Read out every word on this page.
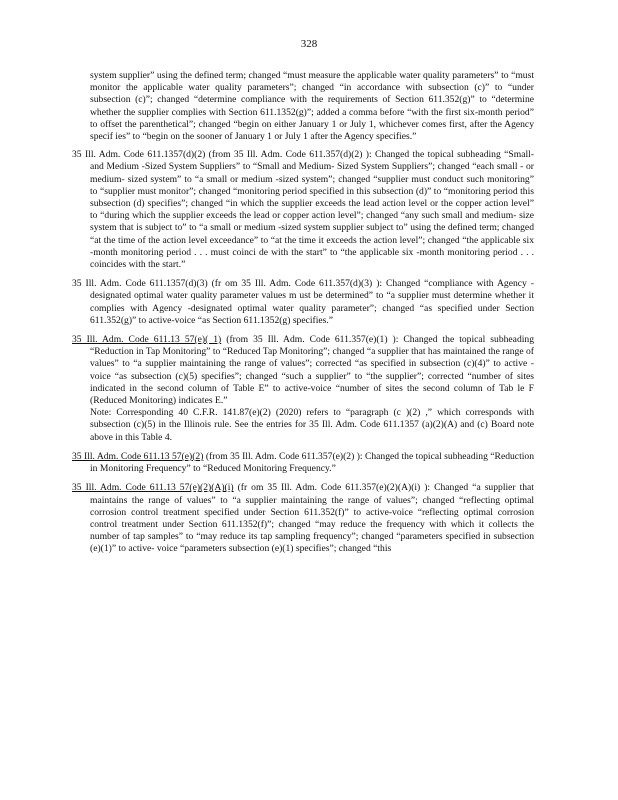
328

system supplier” using the defined term; changed “must measure the applicable water quality parameters” to “must monitor the applicable water quality parameters”; changed “in accordance with subsection (c)” to “under subsection (c)”; changed “determine compliance with the requirements of Section 611.352(g)” to “determine whether the supplier complies with Section 611.1352(g)”; added a comma before “with the first six-month period” to offset the parenthetical”; changed “begin on either January 1 or July 1, whichever comes first, after the Agency specif ies” to “begin on the sooner of January 1 or July 1 after the Agency specifies.”

35 Ill. Adm. Code 611.1357(d)(2) (from 35 Ill. Adm. Code 611.357(d)(2) ): Changed the topical subheading “Small- and Medium -Sized System Suppliers” to “Small and Medium- Sized System Suppliers”; changed “each small - or medium- sized system” to “a small or medium -sized system”; changed “supplier must conduct such monitoring” to “supplier must monitor”; changed “monitoring period specified in this subsection (d)” to “monitoring period this subsection (d) specifies”; changed “in which the supplier exceeds the lead action level or the copper action level” to “during which the supplier exceeds the lead or copper action level”; changed “any such small and medium- size system that is subject to” to “a small or medium -sized system supplier subject to” using the defined term; changed “at the time of the action level exceedance” to “at the time it exceeds the action level”; changed “the applicable six -month monitoring period . . . must coinci de with the start” to “the applicable six -month monitoring period . . . coincides with the start.”

35 Ill. Adm. Code 611.1357(d)(3) (fr om 35 Ill. Adm. Code 611.357(d)(3) ): Changed “compliance with Agency - designated optimal water quality parameter values m ust be determined” to “a supplier must determine whether it complies with Agency -designated optimal water quality parameter”; changed “as specified under Section 611.352(g)” to active-voice “as Section 611.1352(g) specifies.”

35 Ill. Adm. Code 611.13 57(e)( 1) (from 35 Ill. Adm. Code 611.357(e)(1) ): Changed the topical subheading “Reduction in Tap Monitoring” to “Reduced Tap Monitoring”; changed “a supplier that has maintained the range of values” to “a supplier maintaining the range of values”; corrected “as specified in subsection (c)(4)” to active - voice “as subsection (c)(5) specifies”; changed “such a supplier” to “the supplier”; corrected “number of sites indicated in the second column of Table E” to active-voice “number of sites the second column of Tab le F (Reduced Monitoring) indicates E.”

Note: Corresponding 40 C.F.R. 141.87(e)(2) (2020) refers to “paragraph (c )(2) ,” which corresponds with subsection (c)(5) in the Illinois rule. See the entries for 35 Ill. Adm. Code 611.1357 (a)(2)(A) and (c) Board note above in this Table 4.

35 Ill. Adm. Code 611.13 57(e)(2) (from 35 Ill. Adm. Code 611.357(e)(2) ): Changed the topical subheading “Reduction in Monitoring Frequency” to “Reduced Monitoring Frequency.”

35 Ill. Adm. Code 611.13 57(e)(2)(A)(i) (fr om 35 Ill. Adm. Code 611.357(e)(2)(A)(i) ): Changed “a supplier that maintains the range of values” to “a supplier maintaining the range of values”; changed “reflecting optimal corrosion control treatment specified under Section 611.352(f)” to active-voice “reflecting optimal corrosion control treatment under Section 611.1352(f)”; changed “may reduce the frequency with which it collects the number of tap samples” to “may reduce its tap sampling frequency”; changed “parameters specified in subsection (e)(1)” to active- voice “parameters subsection (e)(1) specifies”; changed “this
